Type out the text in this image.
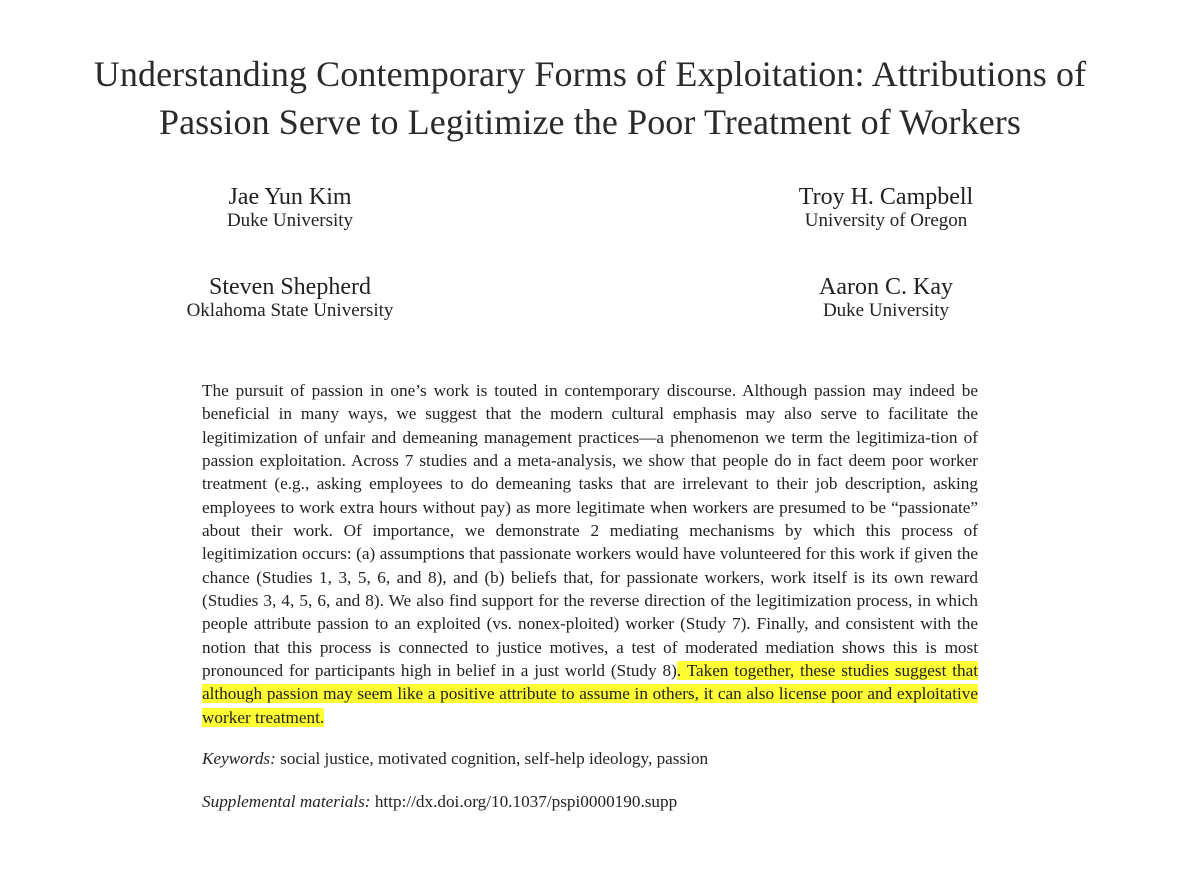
Understanding Contemporary Forms of Exploitation: Attributions of
Passion Serve to Legitimize the Poor Treatment of Workers
Jae Yun Kim
Duke University
Troy H. Campbell
University of Oregon
Steven Shepherd
Oklahoma State University
Aaron C. Kay
Duke University
The pursuit of passion in one’s work is touted in contemporary discourse. Although passion may indeed be beneficial in many ways, we suggest that the modern cultural emphasis may also serve to facilitate the legitimization of unfair and demeaning management practices—a phenomenon we term the legitimiza-tion of passion exploitation. Across 7 studies and a meta-analysis, we show that people do in fact deem poor worker treatment (e.g., asking employees to do demeaning tasks that are irrelevant to their job description, asking employees to work extra hours without pay) as more legitimate when workers are presumed to be “passionate” about their work. Of importance, we demonstrate 2 mediating mechanisms by which this process of legitimization occurs: (a) assumptions that passionate workers would have volunteered for this work if given the chance (Studies 1, 3, 5, 6, and 8), and (b) beliefs that, for passionate workers, work itself is its own reward (Studies 3, 4, 5, 6, and 8). We also find support for the reverse direction of the legitimization process, in which people attribute passion to an exploited (vs. nonex-ploited) worker (Study 7). Finally, and consistent with the notion that this process is connected to justice motives, a test of moderated mediation shows this is most pronounced for participants high in belief in a just world (Study 8). Taken together, these studies suggest that although passion may seem like a positive attribute to assume in others, it can also license poor and exploitative worker treatment.
Keywords: social justice, motivated cognition, self-help ideology, passion
Supplemental materials: http://dx.doi.org/10.1037/pspi0000190.supp
